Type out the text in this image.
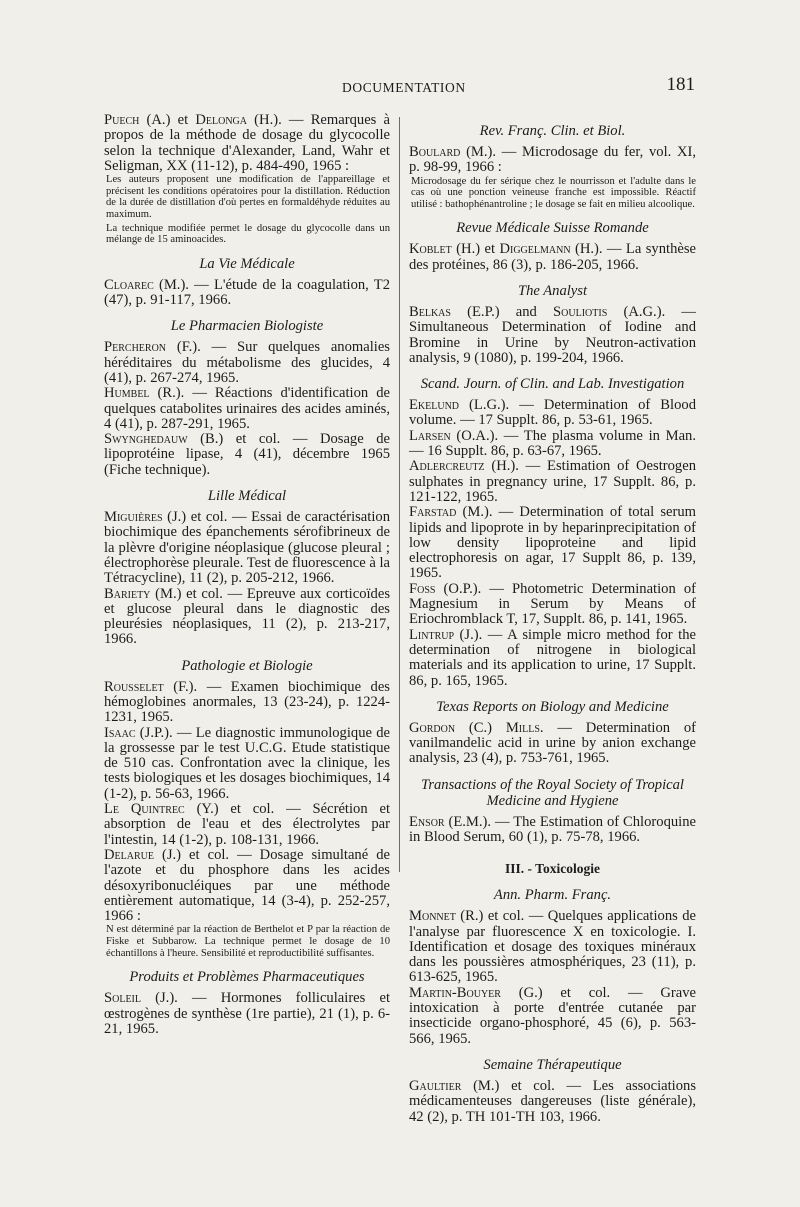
DOCUMENTATION	181

Puech (A.) et Delonga (H.). — Remarques à propos de la méthode de dosage du glycocolle selon la technique d'Alexander, Land, Wahr et Seligman, XX (11-12), p. 484-490, 1965 :

Les auteurs proposent une modification de l'appareillage et précisent les conditions opératoires pour la distillation. Réduction de la durée de distillation d'où pertes en formaldéhyde réduites au maximum.

La technique modifiée permet le dosage du glycocolle dans un mélange de 15 aminoacides.

La Vie Médicale

Cloarec (M.). — L'étude de la coagulation, T2 (47), p. 91-117, 1966.

Le Pharmacien Biologiste

Percheron (F.). — Sur quelques anomalies héréditaires du métabolisme des glucides, 4 (41), p. 267-274, 1965.

Humbel (R.). — Réactions d'identification de quelques catabolites urinaires des acides aminés, 4 (41), p. 287-291, 1965.

Swynghedauw (B.) et col. — Dosage de lipoprotéine lipase, 4 (41), décembre 1965 (Fiche technique).

Lille Médical

Miguières (J.) et col. — Essai de caractérisation biochimique des épanchements sérofibrineux de la plèvre d'origine néoplasique (glucose pleural ; électrophorèse pleurale. Test de fluorescence à la Tétracycline), 11 (2), p. 205-212, 1966.

Bariety (M.) et col. — Epreuve aux corticoïdes et glucose pleural dans le diagnostic des pleurésies néoplasiques, 11 (2), p. 213-217, 1966.

Pathologie et Biologie

Rousselet (F.). — Examen biochimique des hémoglobines anormales, 13 (23-24), p. 1224-1231, 1965.

Isaac (J.P.). — Le diagnostic immunologique de la grossesse par le test U.C.G. Etude statistique de 510 cas. Confrontation avec la clinique, les tests biologiques et les dosages biochimiques, 14 (1-2), p. 56-63, 1966.

Le Quintrec (Y.) et col. — Sécrétion et absorption de l'eau et des électrolytes par l'intestin, 14 (1-2), p. 108-131, 1966.

Delarue (J.) et col. — Dosage simultané de l'azote et du phosphore dans les acides désoxyribonucléiques par une méthode entièrement automatique, 14 (3-4), p. 252-257, 1966 :

N est déterminé par la réaction de Berthelot et P par la réaction de Fiske et Subbarow. La technique permet le dosage de 10 échantillons à l'heure. Sensibilité et reproductibilité suffisantes.

Produits et Problèmes Pharmaceutiques

Soleil (J.). — Hormones folliculaires et œstrogènes de synthèse (1re partie), 21 (1), p. 6-21, 1965.

Rev. Franç. Clin. et Biol.

Boulard (M.). — Microdosage du fer, vol. XI, p. 98-99, 1966 :

Microdosage du fer sérique chez le nourrisson et l'adulte dans le cas où une ponction veineuse franche est impossible. Réactif utilisé : bathophénantroline ; le dosage se fait en milieu alcoolique.

Revue Médicale Suisse Romande

Koblet (H.) et Diggelmann (H.). — La synthèse des protéines, 86 (3), p. 186-205, 1966.

The Analyst

Belkas (E.P.) and Souliotis (A.G.). — Simultaneous Determination of Iodine and Bromine in Urine by Neutron-activation analysis, 9 (1080), p. 199-204, 1966.

Scand. Journ. of Clin. and Lab. Investigation

Ekelund (L.G.). — Determination of Blood volume. — 17 Supplt. 86, p. 53-61, 1965.

Larsen (O.A.). — The plasma volume in Man. — 16 Supplt. 86, p. 63-67, 1965.

Adlercreutz (H.). — Estimation of Oestrogen sulphates in pregnancy urine, 17 Supplt. 86, p. 121-122, 1965.

Farstad (M.). — Determination of total serum lipids and lipoprote in by heparinprecipitation of low density lipoproteine and lipid electrophoresis on agar, 17 Supplt 86, p. 139, 1965.

Foss (O.P.). — Photometric Determination of Magnesium in Serum by Means of Eriochromblack T, 17, Supplt. 86, p. 141, 1965.

Lintrup (J.). — A simple micro method for the determination of nitrogene in biological materials and its application to urine, 17 Supplt. 86, p. 165, 1965.

Texas Reports on Biology and Medicine

Gordon (C.) Mills. — Determination of vanilmandelic acid in urine by anion exchange analysis, 23 (4), p. 753-761, 1965.

Transactions of the Royal Society of Tropical Medicine and Hygiene

Ensor (E.M.). — The Estimation of Chloroquine in Blood Serum, 60 (1), p. 75-78, 1966.

III. - Toxicologie
Ann. Pharm. Franç.

Monnet (R.) et col. — Quelques applications de l'analyse par fluorescence X en toxicologie. I. Identification et dosage des toxiques minéraux dans les poussières atmosphériques, 23 (11), p. 613-625, 1965.

Martin-Bouyer (G.) et col. — Grave intoxication à porte d'entrée cutanée par insecticide organo-phosphoré, 45 (6), p. 563-566, 1965.

Semaine Thérapeutique

Gaultier (M.) et col. — Les associations médicamenteuses dangereuses (liste générale), 42 (2), p. TH 101-TH 103, 1966.
